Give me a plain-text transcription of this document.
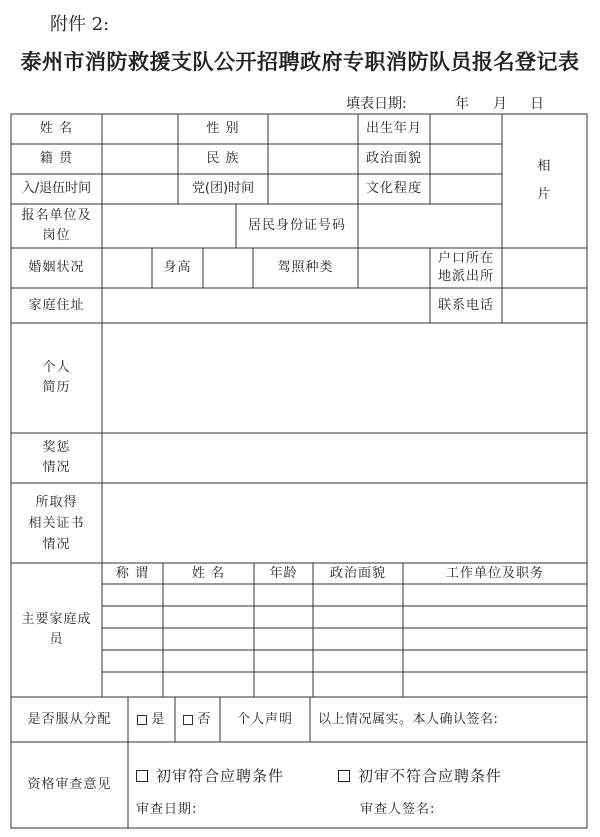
附件 2:
泰州市消防救援支队公开招聘政府专职消防队员报名登记表
填表日期:	年 月 日
姓 名	性 别	出生年月
相
片
籍 贯	民 族	政治面貌
入/退伍时间	党(团)时间	文化程度
报名单位及
岗位
居民身份证号码
婚姻状况	身高	驾照种类
户口所在
地派出所
家庭住址	联系电话
个人
简历
奖惩
情况
所取得
相关证书
情况
主要家庭成
员
称 谓	姓 名	年龄	政治面貌	工作单位及职务
是否服从分配	是 否	个人声明	以上情况属实。本人确认签名:
资格审查意见	初审符合应聘条件	初审不符合应聘条件
审查日期:	审查人签名:
